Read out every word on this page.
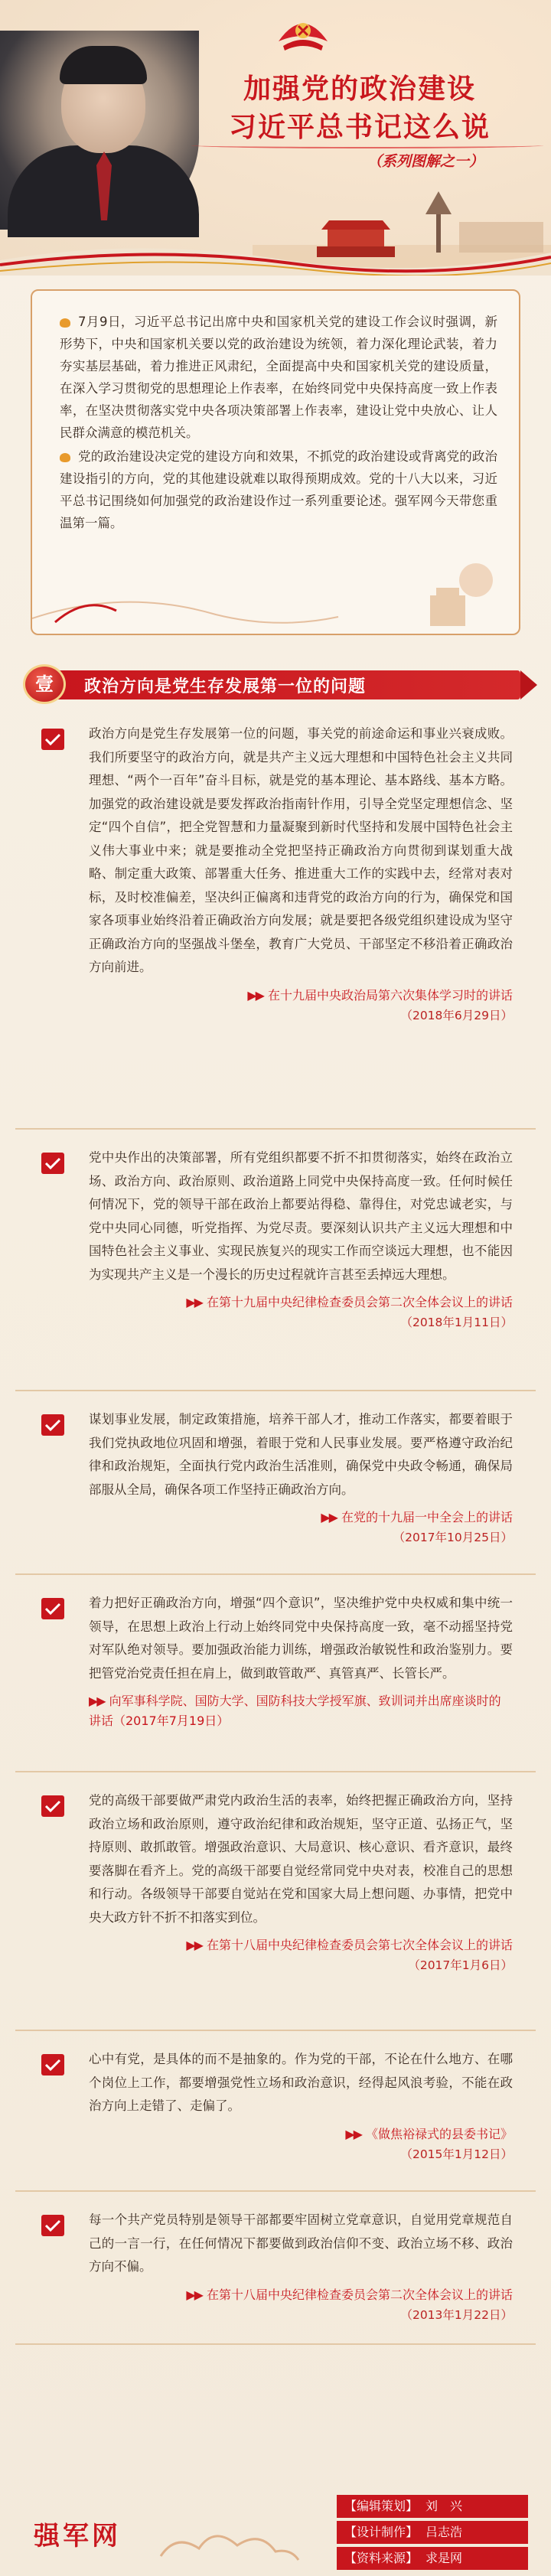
加强党的政治建设
习近平总书记这么说
（系列图解之一）

7月9日，习近平总书记出席中央和国家机关党的建设工作会议时强调，新形势下，中央和国家机关要以党的政治建设为统领，着力深化理论武装，着力夯实基层基础，着力推进正风肃纪，全面提高中央和国家机关党的建设质量，在深入学习贯彻党的思想理论上作表率，在始终同党中央保持高度一致上作表率，在坚决贯彻落实党中央各项决策部署上作表率，建设让党中央放心、让人民群众满意的模范机关。

党的政治建设决定党的建设方向和效果，不抓党的政治建设或背离党的政治建设指引的方向，党的其他建设就难以取得预期成效。党的十八大以来，习近平总书记围绕如何加强党的政治建设作过一系列重要论述。强军网今天带您重温第一篇。

政治方向是党生存发展第一位的问题
壹

政治方向是党生存发展第一位的问题，事关党的前途命运和事业兴衰成败。我们所要坚守的政治方向，就是共产主义远大理想和中国特色社会主义共同理想、“两个一百年”奋斗目标，就是党的基本理论、基本路线、基本方略。加强党的政治建设就是要发挥政治指南针作用，引导全党坚定理想信念、坚定“四个自信”，把全党智慧和力量凝聚到新时代坚持和发展中国特色社会主义伟大事业中来；就是要推动全党把坚持正确政治方向贯彻到谋划重大战略、制定重大政策、部署重大任务、推进重大工作的实践中去，经常对表对标，及时校准偏差，坚决纠正偏离和违背党的政治方向的行为，确保党和国家各项事业始终沿着正确政治方向发展；就是要把各级党组织建设成为坚守正确政治方向的坚强战斗堡垒，教育广大党员、干部坚定不移沿着正确政治方向前进。

▶▶ 在十九届中央政治局第六次集体学习时的讲话
（2018年6月29日）

党中央作出的决策部署，所有党组织都要不折不扣贯彻落实，始终在政治立场、政治方向、政治原则、政治道路上同党中央保持高度一致。任何时候任何情况下，党的领导干部在政治上都要站得稳、靠得住，对党忠诚老实，与党中央同心同德，听党指挥、为党尽责。要深刻认识共产主义远大理想和中国特色社会主义事业、实现民族复兴的现实工作而空谈远大理想，也不能因为实现共产主义是一个漫长的历史过程就许言甚至丢掉远大理想。

▶▶ 在第十九届中央纪律检查委员会第二次全体会议上的讲话
（2018年1月11日）

谋划事业发展，制定政策措施，培养干部人才，推动工作落实，都要着眼于我们党执政地位巩固和增强，着眼于党和人民事业发展。要严格遵守政治纪律和政治规矩，全面执行党内政治生活准则，确保党中央政令畅通，确保局部服从全局，确保各项工作坚持正确政治方向。

▶▶ 在党的十九届一中全会上的讲话
（2017年10月25日）

着力把好正确政治方向，增强“四个意识”，坚决维护党中央权威和集中统一领导，在思想上政治上行动上始终同党中央保持高度一致，毫不动摇坚持党对军队绝对领导。要加强政治能力训练，增强政治敏锐性和政治鉴别力。要把管党治党责任担在肩上，做到敢管敢严、真管真严、长管长严。

▶▶ 向军事科学院、国防大学、国防科技大学授军旗、致训词并出席座谈时的讲话（2017年7月19日）

党的高级干部要做严肃党内政治生活的表率，始终把握正确政治方向，坚持政治立场和政治原则，遵守政治纪律和政治规矩，坚守正道、弘扬正气，坚持原则、敢抓敢管。增强政治意识、大局意识、核心意识、看齐意识，最终要落脚在看齐上。党的高级干部要自觉经常同党中央对表，校准自己的思想和行动。各级领导干部要自觉站在党和国家大局上想问题、办事情，把党中央大政方针不折不扣落实到位。

▶▶ 在第十八届中央纪律检查委员会第七次全体会议上的讲话
（2017年1月6日）

心中有党，是具体的而不是抽象的。作为党的干部，不论在什么地方、在哪个岗位上工作，都要增强党性立场和政治意识，经得起风浪考验，不能在政治方向上走错了、走偏了。

▶▶ 《做焦裕禄式的县委书记》
（2015年1月12日）

每一个共产党员特别是领导干部都要牢固树立党章意识，自觉用党章规范自己的一言一行，在任何情况下都要做到政治信仰不变、政治立场不移、政治方向不偏。

▶▶ 在第十八届中央纪律检查委员会第二次全体会议上的讲话
（2013年1月22日）
强军网
【编辑策划】 刘　兴
【设计制作】 吕志浩
【资料来源】 求是网
